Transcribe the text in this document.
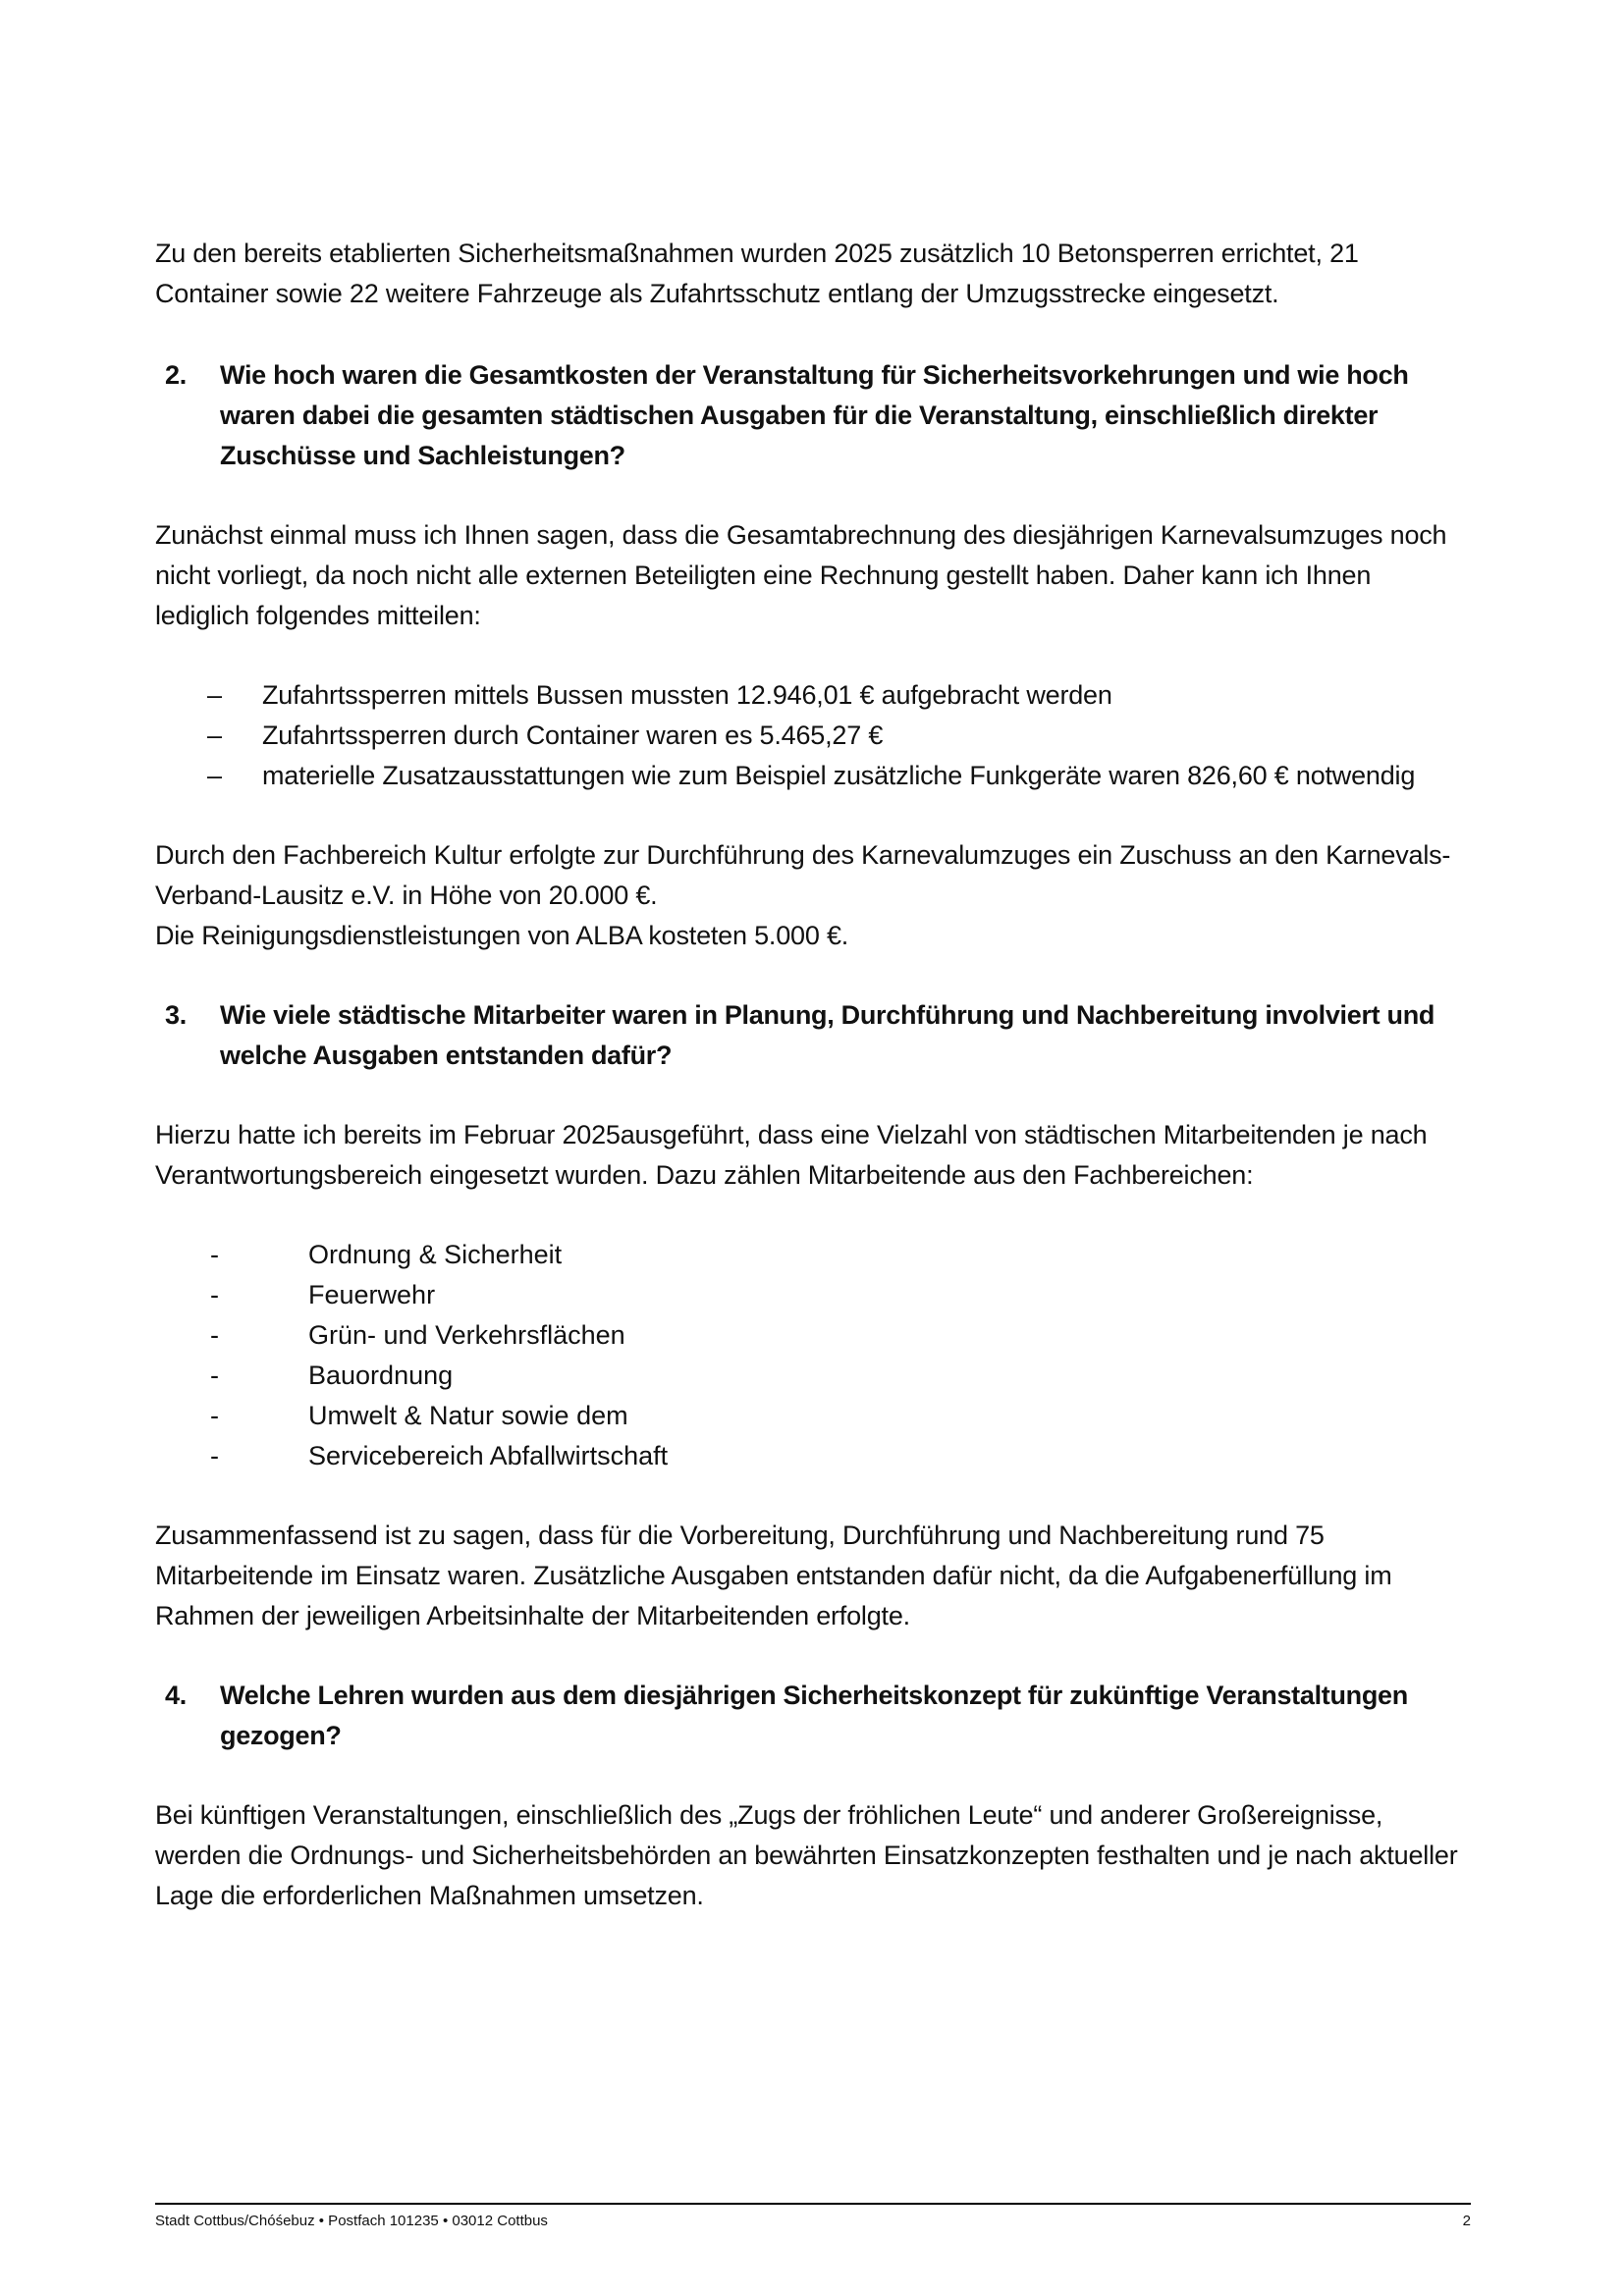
Zu den bereits etablierten Sicherheitsmaßnahmen wurden 2025 zusätzlich 10 Betonsperren errichtet, 21 Container sowie 22 weitere Fahrzeuge als Zufahrtsschutz entlang der Umzugsstrecke eingesetzt.

2.	Wie hoch waren die Gesamtkosten der Veranstaltung für Sicherheitsvorkehrungen und wie hoch waren dabei die gesamten städtischen Ausgaben für die Veranstaltung, einschließlich direkter Zuschüsse und Sachleistungen?

Zunächst einmal muss ich Ihnen sagen, dass die Gesamtabrechnung des diesjährigen Karnevalsumzuges noch nicht vorliegt, da noch nicht alle externen Beteiligten eine Rechnung gestellt haben. Daher kann ich Ihnen lediglich folgendes mitteilen:

–	Zufahrtssperren mittels Bussen mussten 12.946,01 € aufgebracht werden
–	Zufahrtssperren durch Container waren es 5.465,27 €
–	materielle Zusatzausstattungen wie zum Beispiel zusätzliche Funkgeräte waren 826,60 € notwendig

Durch den Fachbereich Kultur erfolgte zur Durchführung des Karnevalumzuges ein Zuschuss an den Karnevals-Verband-Lausitz e.V. in Höhe von 20.000 €.

Die Reinigungsdienstleistungen von ALBA kosteten 5.000 €.

3.	Wie viele städtische Mitarbeiter waren in Planung, Durchführung und Nachbereitung involviert und welche Ausgaben entstanden dafür?

Hierzu hatte ich bereits im Februar 2025ausgeführt, dass eine Vielzahl von städtischen Mitarbeitenden je nach Verantwortungsbereich eingesetzt wurden. Dazu zählen Mitarbeitende aus den Fachbereichen:

-	Ordnung & Sicherheit
-	Feuerwehr
-	Grün- und Verkehrsflächen
-	Bauordnung
-	Umwelt & Natur sowie dem
-	Servicebereich Abfallwirtschaft

Zusammenfassend ist zu sagen, dass für die Vorbereitung, Durchführung und Nachbereitung rund 75 Mitarbeitende im Einsatz waren. Zusätzliche Ausgaben entstanden dafür nicht, da die Aufgabenerfüllung im Rahmen der jeweiligen Arbeitsinhalte der Mitarbeitenden erfolgte.

4.	Welche Lehren wurden aus dem diesjährigen Sicherheitskonzept für zukünftige Veranstaltungen gezogen?

Bei künftigen Veranstaltungen, einschließlich des „Zugs der fröhlichen Leute“ und anderer Großereignisse, werden die Ordnungs- und Sicherheitsbehörden an bewährten Einsatzkonzepten festhalten und je nach aktueller Lage die erforderlichen Maßnahmen umsetzen.

Stadt Cottbus/Chóśebuz • Postfach 101235 • 03012 Cottbus	2
